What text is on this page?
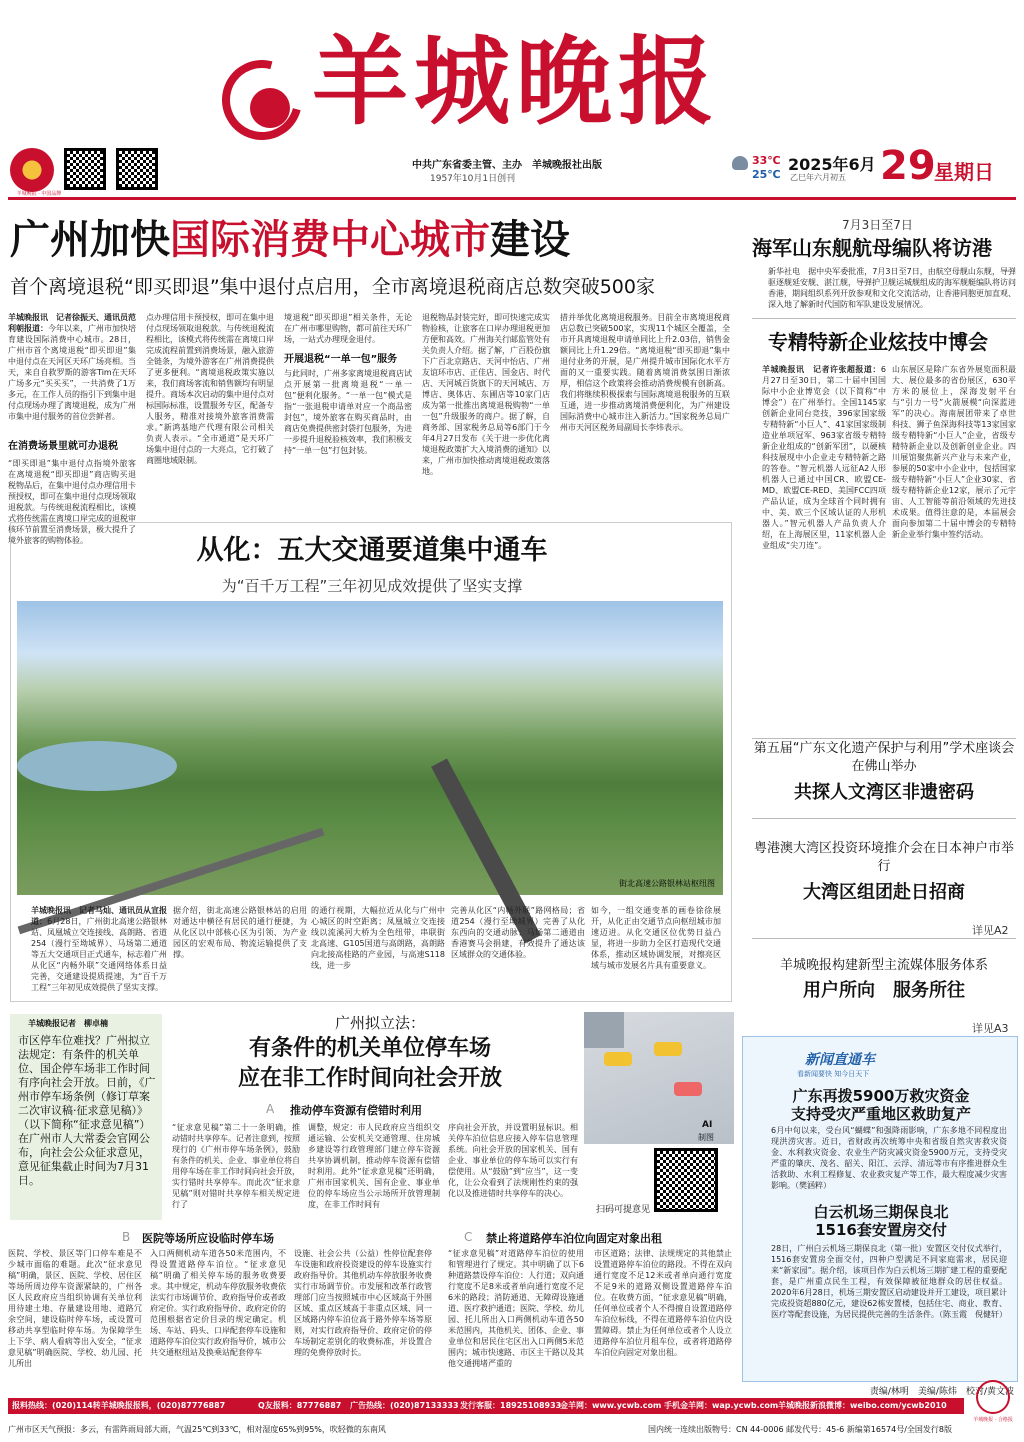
羊城晚报
羊城晚报 · 中国品牌
中共广东省委主管、主办　羊城晚报社出版
1957年10月1日创刊
33℃
25℃
2025年6月
乙巳年六月初五 29
星期日
广州加快国际消费中心城市建设
首个离境退税“即买即退”集中退付点启用，全市离境退税商店总数突破500家
羊城晚报讯　记者徐振天、通讯员范利朝报道：今年以来，广州市加快培育建设国际消费中心城市。28日，广州市首个离境退税“即买即退”集中退付点在天河区天环广场亮相。当天，来自自救罗斯的游客Tim在天环广场多元“买买买”，一共消费了1万多元，在工作人员的指引下到集中退付点现场办理了离境退税，成为广州市集中退付服务的首位尝鲜者。
在消费场景里就可办退税
“即买即退”集中退付点指境外旅客在离境退税“即买即退”商店购买退税物品后，在集中退付点办理信用卡预授权，即可在集中退付点现场领取退税款。与传统退税流程相比，该模式将传统需在离境口岸完成的退税审核环节前置至消费场景，极大提升了境外旅客的购物体验。
点办理信用卡预授权，即可在集中退付点现场领取退税款。与传统退税流程相比，该模式将传统需在离境口岸完成流程前置到消费场景，融入旅游全链条，为境外游客在广州消费提供了更多便利。“离境退税政策实施以来，我们商场客流和销售额均有明显提升。商场本次启动的集中退付点对标国际标准，设置服务专区，配备专人服务，精准对接境外旅客消费需求。”新鸿基地产代理有限公司相关负责人表示。“全市通道”是天环广场集中退付点的一大亮点，它打破了商圈地域限制。
境退税“即买即退”相关条件，无论在广州市哪里购物，都可前往天环广场，一站式办理现金退付。
开展退税“一单一包”服务
与此同时，广州多家离境退税商店试点开展第一批离境退税“一单一包”便利化服务。“一单一包”模式是指“一张退税申请单对应一个商品密封包”，境外旅客在购买商品时，由商店免费提供密封袋打包服务，为进一步提升退税验核效率，我们积极支持“一单一包”打包封装。
退税物品封装完好，即可快速完成实物验核，让旅客在口岸办理退税更加方便和高效。广州海关行邮监管处有关负责人介绍。据了解，广百股份旗下广百北京路店、天河中怡店、广州友谊环市店、正佳店、国金店、时代店、天河城百货旗下的天河城店、万博店、奥体店、东圃店等10家门店成为第一批推出离境退税购物“一单一包”升级服务的商户。据了解，自商务部、国家税务总局等6部门于今年4月27日发布《关于进一步优化离境退税政策扩大入境消费的通知》以来，广州市加快推动离境退税政策落地。
措并举优化离境退税服务。目前全市离境退税商店总数已突破500家，实现11个城区全覆盖，全市开具离境退税申请单同比上升2.03倍，销售金额同比上升1.29倍。“离境退税“即买即退”集中退付业务的开展，是广州提升城市国际化水平方面的又一重要实践。随着离境消费氛围日渐浓厚，相信这个政策将会推动消费规模有创新高。我们将继续积极探索与国际离境退税服务的互联互通，进一步推动离境消费便利化，为广州建设国际消费中心城市注入新活力。”国家税务总局广州市天河区税务局副局长李炜表示。
7月3日至7日
海军山东舰航母编队将访港
新华社电　据中央军委批准，7月3日至7日，由航空母舰山东舰，导弹驱逐舰延安舰、湛江舰，导弹护卫舰运城舰组成的海军舰艇编队将访问香港，期间组织系列开放参观和文化交流活动，让香港同胞更加直观、深入地了解新时代国防和军队建设发展情况。
专精特新企业炫技中博会
羊城晚报讯　记者许张超报道：6月27日至30日，第二十届中国国际中小企业博览会（以下简称“中博会”）在广州举行。全国1145家创新企业同台竞技，396家国家级专精特新“小巨人”、41家国家级制造业单项冠军、963家省级专精特新企业组成的“创新军团”，以硬核科技展现中小企业走专精特新之路的答卷。“智元机器人远征A2人形机器人已通过中国CR、欧盟CE-MD、欧盟CE-RED、美国FCC四项产品认证，成为全球首个同时拥有中、美、欧三个区域认证的人形机器人。”智元机器人产品负责人介绍，在上海展区里，11家机器人企业组成“尖刀连”。
山东展区是除广东省外展览面积最大、展位最多的省份展区，630平方米的展位上，深海发射平台与“引力一号”火箭展模“向深蓝进军”的决心。海南展团带来了卓世科技、狮子鱼深海科技等13家国家级专精特新“小巨人”企业，省级专精特新企业以及创新创业企业。四川展馆聚焦新兴产业与未来产业，参展的50家中小企业中，包括国家级专精特新“小巨人”企业30家、省级专精特新企业12家，展示了元宇宙、人工智能等前沿领域的先进技术成果。值得注意的是，本届展会面向参加第二十届中博会的专精特新企业举行集中签约活动。
第五届“广东文化遗产保护与利用”学术座谈会在佛山举办
共探人文湾区非遗密码
粤港澳大湾区投资环境推介会在日本神户市举行
大湾区组团赴日招商
详见A2
羊城晚报构建新型主流媒体服务体系
用户所向　服务所往
详见A3
新闻直通车
看新闻要快 知今日天下
广东再拨5900万救灾资金
支持受灾严重地区救助复产
6月中旬以来，受台风“蝴蝶”和强降雨影响，广东多地不同程度出现洪涝灾害。近日，省财政再次统筹中央和省级自然灾害救灾资金、水利救灾资金、农业生产防灾减灾资金5900万元，支持受灾严重的肇庆、茂名、韶关、阳江、云浮、清远等市有序推进群众生活救助、水利工程修复、农业救灾复产等工作，最大程度减少灾害影响。（樊涵粹）
白云机场三期保良北
1516套安置房交付
28日，广州白云机场三期保良北（第一批）安置区交付仪式举行，1516套安置房全面交付，四种户型满足不同家庭需求，居民迎来“新家园”。据介绍，该项目作为白云机场三期扩建工程的重要配套，是广州重点民生工程，有效保障被征地群众的居住权益。2020年6月28日，机场三期安置区启动建设并开工建设，项目累计完成投资超880亿元，建设62栋安置楼，包括住宅、商业、教育、医疗等配套设施，为居民提供完善的生活条件。（陈玉霞　倪健轩）
责编/林明　美编/陈炜　校对/黄文波
从化：五大交通要道集中通车
为“百千万工程”三年初见成效提供了坚实支撑
街北高速公路银林站枢纽图
羊城晚报讯　记者马灿、通讯员从宣报道：6月28日，广州街北高速公路银林站、凤凰城立交连接线、高朗路、省道254（漫行至坳城界）、马场第二通道等五大交通项目正式通车，标志着广州从化区“内畅外联”交通网络体系日益完善，交通建设提质提速，为“百千万工程”三年初见成效提供了坚实支撑。
据介绍，街北高速公路银林站的启用对通达中横径有居民的通行便捷，为从化区以中部核心区为引领、为产业园区的宏观布局、物流运输提供了支撑。
的通行视期，大幅拉近从化与广州中心城区的时空距离；凤凰城立交连接线以流溪河大桥为全色纽带，串联街北高速、G105国道与高朗路，高朗路向北接高桂路的产业园，与高速S118线，进一步
完善从化区“内畅外联”路网格局；省道254（漫行至坳城界）完善了从化东西向的交通动脉；马场第二通道由香港赛马会捐建，有效提升了通达该区域群众的交通体验。
如今，一组交通变革的画卷徐徐展开，从化正由交通节点向枢纽城市加速迈进。从化交通区位优势日益凸显，将进一步助力全区打造现代交通体系，推动区域协调发展，对擦亮区域与城市发展名片具有重要意义。
羊城晚报记者　柳卓楠
市区停车位难找？广州拟立法规定：有条件的机关单位、国企停车场非工作时间有序向社会开放。日前，《广州市停车场条例（修订草案二次审议稿·征求意见稿）》（以下简称“征求意见稿”）在广州市人大常委会官网公布，向社会公众征求意见，意见征集截止时间为7月31日。
广州拟立法：
有条件的机关单位停车场
应在非工作时间向社会开放
AI
制图
扫码可提意见
A 推动停车资源有偿错时利用
“征求意见稿”第二十一条明确，推动错时共享停车。记者注意到，按照现行的《广州市停车场条例》，鼓励有条件的机关、企业、事业单位将自用停车场在非工作时间向社会开放，实行错时共享停车。而此次“征求意见稿”则对错时共享停车相关规定进行了
调整，规定：市人民政府应当组织交通运输、公安机关交通管理、住房城乡建设等行政管理部门建立停车资源共享协调机制，推动停车资源有偿错时利用。此外“征求意见稿”还明确，广州市国家机关、国有企业、事业单位的停车场应当公示场所开放管理制度，在非工作时间有
序向社会开放，并设置明显标识。相关停车泊位信息应接入停车信息管理系统。向社会开放的国家机关、国有企业、事业单位的停车场可以实行有偿使用。从“鼓励”到“应当”，这一变化，让公众看到了法规刚性约束的强化以及推进错时共享停车的决心。
B 医院等场所应设临时停车场
医院、学校、景区等门口停车难是不少城市面临的难题。此次“征求意见稿”明确，景区、医院、学校、居住区等场所周边停车资源紧缺的，广州各区人民政府应当组织协调有关单位利用待建土地、存量建设用地、道路冗余空间，建设临时停车场，或设置可移动共享型临时停车场。为保障学生上下学、病人看病等出入安全，“征求意见稿”明确医院、学校、幼儿园、托儿所出
入口两侧机动车道各50米范围内，不得设置道路停车泊位。“征求意见稿”明确了相关停车场的服务收费要求。其中规定，机动车停放服务收费依法实行市场调节价、政府指导价或者政府定价。实行政府指导价、政府定价的范围根据省定价目录的规定确定。机场、车站、码头、口岸配套停车设施和道路停车泊位实行政府指导价，城市公共交通枢纽站及换乘站配套停车
设施、社会公共（公益）性停位配套停车设施和政府投资建设的停车设施实行政府指导价。其他机动车停放服务收费实行市场调节价。市发展和改革行政管理部门应当按照城市中心区域高于外围区域、重点区域高于非重点区域、同一区域路内停车泊位高于路外停车场等原则，对实行政府指导价、政府定价的停车场制定差别化的收费标准，并设置合理的免费停放时长。
C 禁止将道路停车泊位向固定对象出租
“征求意见稿”对道路停车泊位的使用和管理进行了规定。其中明确了以下6种道路禁设停车泊位：人行道；双向通行宽度不足8米或者单向通行宽度不足6米的路段；消防通道、无障碍设施通道、医疗救护通道；医院、学校、幼儿园、托儿所出入口两侧机动车道各50米范围内，其他机关、团体、企业、事业单位和居民住宅区出入口两侧5米范围内；城市快速路、市区主干路以及其他交通拥堵严重的
市区道路；法律、法规规定的其他禁止设置道路停车泊位的路段。不得在双向通行宽度不足12米或者单向通行宽度不足9米的道路双侧设置道路停车泊位。在收费方面，“征求意见稿”明确，任何单位或者个人不得擅自设置道路停车泊位标线，不得在道路停车泊位内设置障碍。禁止为任何单位或者个人设立道路停车泊位月租车位，或者将道路停车泊位向固定对象出租。
报料热线：(020)114转羊城晚报报料，(020)87776887	Q友报料：87776887 广告热线：(020)87133333 发行客服：18925108933
金羊网：www.ycwb.com 手机金羊网：wap.ycwb.com 羊城晚报新浪微博：weibo.com/ycwb2010
羊城晚报 · 合格报
广州市区天气预报：多云，有雷阵雨局部大雨，气温25℃到33℃，相对湿度65%到95%，吹轻微的东南风	国内统一连续出版物号：CN 44-0006 邮发代号：45-6 新编第16574号/全国发行8版
